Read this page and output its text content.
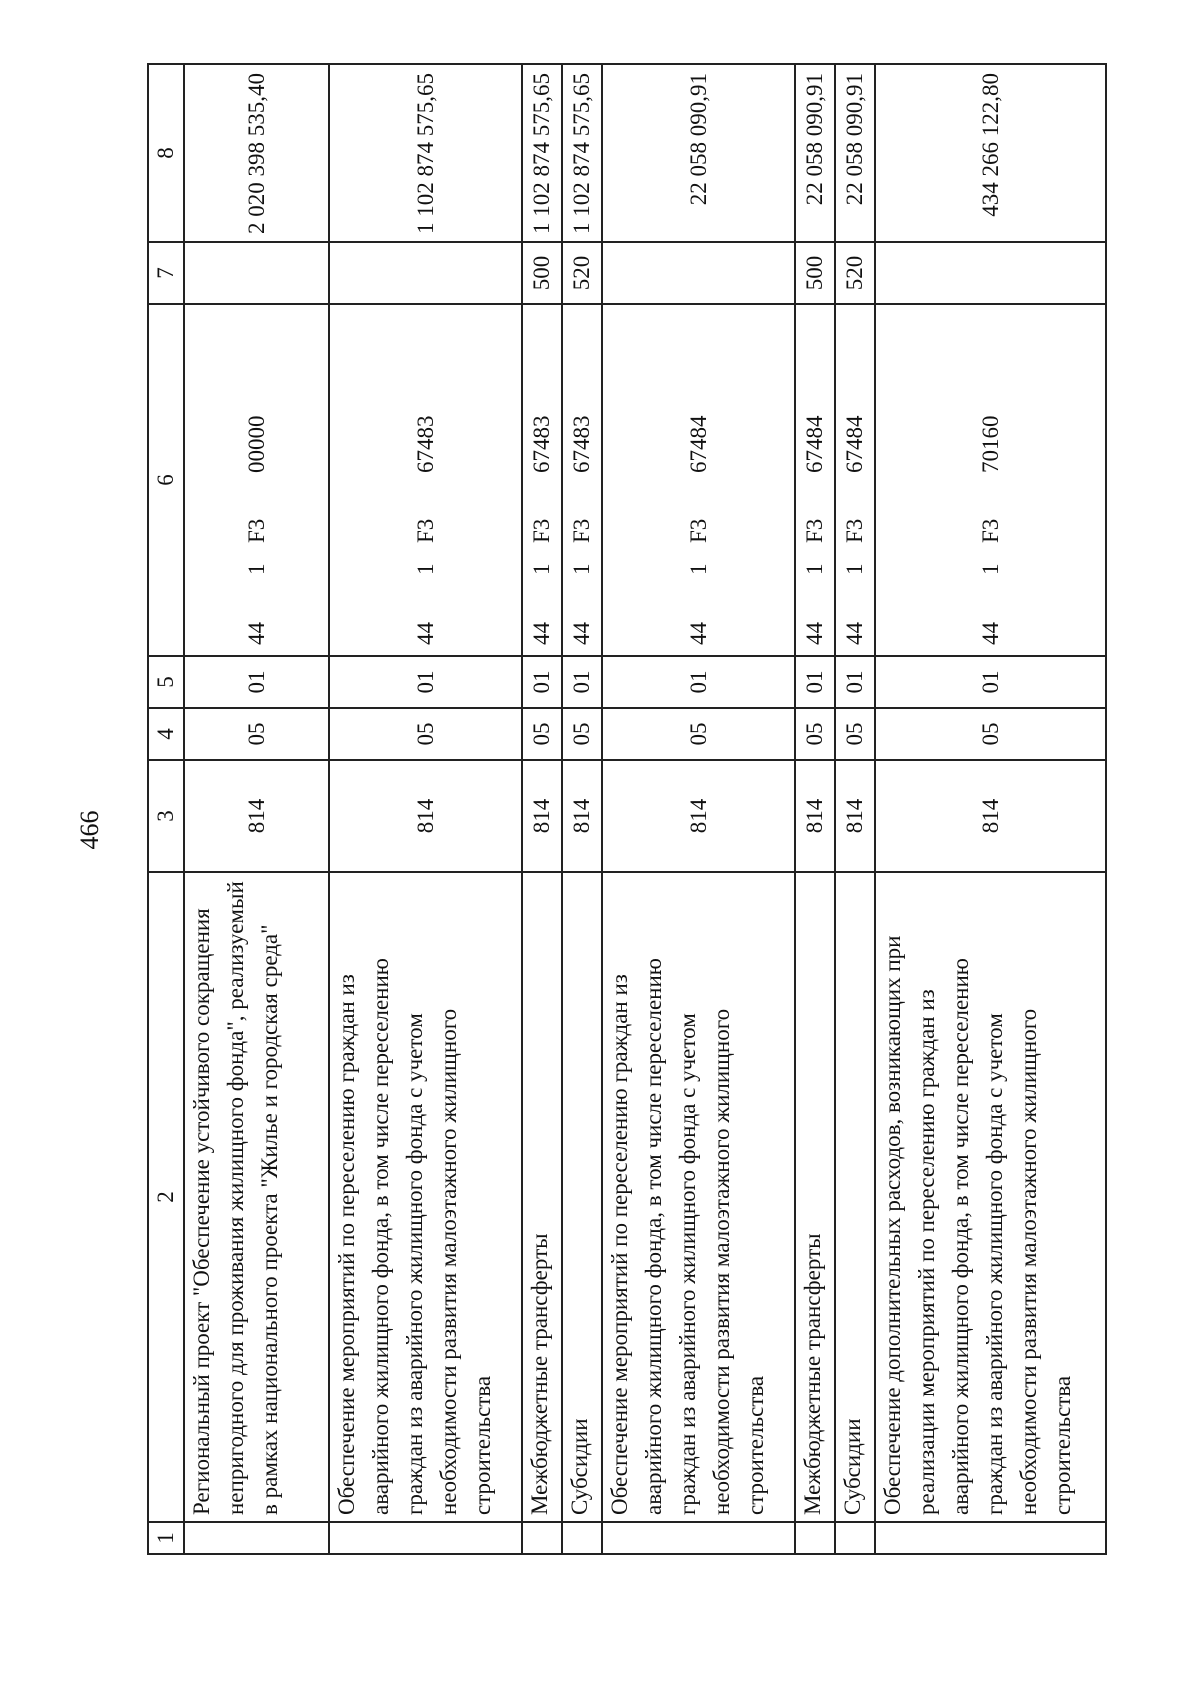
466
1	2	3	4	5	6	7	8
	Региональный проект "Обеспечение устойчивого сокращения непригодного для проживания жилищного фонда", реализуемый в рамках национального проекта "Жилье и городская среда"	814	05	01	441F300000		2 020 398 535,40
	Обеспечение мероприятий по переселению граждан из аварийного жилищного фонда, в том числе переселению граждан из аварийного жилищного фонда с учетом необходимости развития малоэтажного жилищного строительства	814	05	01	441F367483		1 102 874 575,65
	Межбюджетные трансферты	814	05	01	441F367483	500	1 102 874 575,65
	Субсидии	814	05	01	441F367483	520	1 102 874 575,65
	Обеспечение мероприятий по переселению граждан из аварийного жилищного фонда, в том числе переселению граждан из аварийного жилищного фонда с учетом необходимости развития малоэтажного жилищного строительства	814	05	01	441F367484		22 058 090,91
	Межбюджетные трансферты	814	05	01	441F367484	500	22 058 090,91
	Субсидии	814	05	01	441F367484	520	22 058 090,91
	Обеспечение дополнительных расходов, возникающих при реализации мероприятий по переселению граждан из аварийного жилищного фонда, в том числе переселению граждан из аварийного жилищного фонда с учетом необходимости развития малоэтажного жилищного строительства	814	05	01	441F370160		434 266 122,80
